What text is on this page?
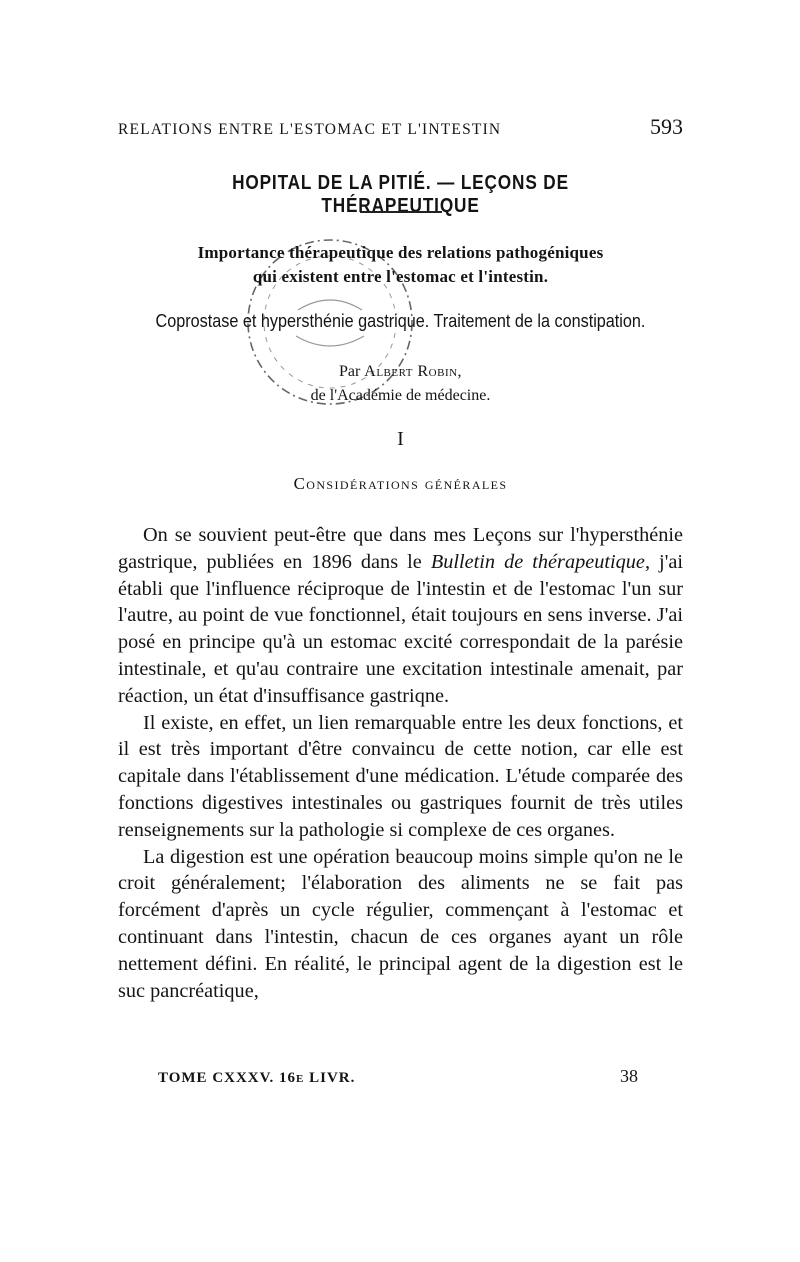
RELATIONS ENTRE L'ESTOMAC ET L'INTESTIN	593
HOPITAL DE LA PITIÉ. — LEÇONS DE THÉRAPEUTIQUE
Importance thérapeutique des relations pathogéniques
qui existent entre l'estomac et l'intestin.
Coprostase et hypersthénie gastrique. Traitement de la constipation.
Par Albert Robin,
de l'Académie de médecine.
I
Considérations générales

On se souvient peut-être que dans mes Leçons sur l'hypersthénie gastrique, publiées en 1896 dans le Bulletin de thérapeutique, j'ai établi que l'influence réciproque de l'intestin et de l'estomac l'un sur l'autre, au point de vue fonctionnel, était toujours en sens inverse. J'ai posé en principe qu'à un estomac excité correspondait de la parésie intestinale, et qu'au contraire une excitation intestinale amenait, par réaction, un état d'insuffisance gastriqne.

Il existe, en effet, un lien remarquable entre les deux fonctions, et il est très important d'être convaincu de cette notion, car elle est capitale dans l'établissement d'une médication. L'étude comparée des fonctions digestives intestinales ou gastriques fournit de très utiles renseignements sur la pathologie si complexe de ces organes.

La digestion est une opération beaucoup moins simple qu'on ne le croit généralement; l'élaboration des aliments ne se fait pas forcément d'après un cycle régulier, commençant à l'estomac et continuant dans l'intestin, chacun de ces organes ayant un rôle nettement défini. En réalité, le principal agent de la digestion est le suc pancréatique,

TOME CXXXV. 16e LIVR.	38
